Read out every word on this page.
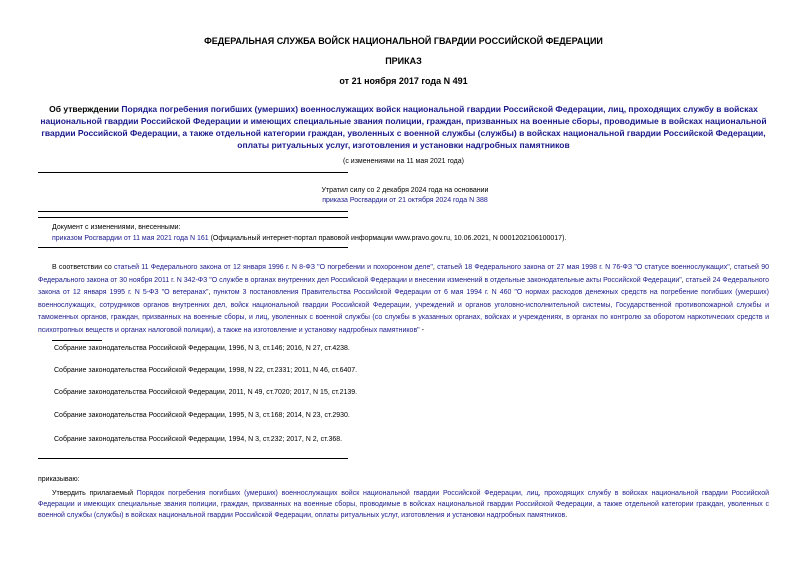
ФЕДЕРАЛЬНАЯ СЛУЖБА ВОЙСК НАЦИОНАЛЬНОЙ ГВАРДИИ РОССИЙСКОЙ ФЕДЕРАЦИИ
ПРИКАЗ
от 21 ноября 2017 года N 491
Об утверждении Порядка погребения погибших (умерших) военнослужащих войск национальной гвардии Российской Федерации, лиц, проходящих службу в войсках национальной гвардии Российской Федерации и имеющих специальные звания полиции, граждан, призванных на военные сборы, проводимые в войсках национальной гвардии Российской Федерации, а также отдельной категории граждан, уволенных с военной службы (службы) в войсках национальной гвардии Российской Федерации, оплаты ритуальных услуг, изготовления и установки надгробных памятников
(с изменениями на 11 мая 2021 года)
Утратил силу со 2 декабря 2024 года на основании
приказа Росгвардии от 21 октября 2024 года N 388
Документ с изменениями, внесенными:
приказом Росгвардии от 11 мая 2021 года N 161 (Официальный интернет-портал правовой информации www.pravo.gov.ru, 10.06.2021, N 0001202106100017).
В соответствии со статьей 11 Федерального закона от 12 января 1996 г. N 8-ФЗ "О погребении и похоронном деле", статьей 18 Федерального закона от 27 мая 1998 г. N 76-ФЗ "О статусе военнослужащих", статьей 90 Федерального закона от 30 ноября 2011 г. N 342-ФЗ "О службе в органах внутренних дел Российской Федерации и внесении изменений в отдельные законодательные акты Российской Федерации", статьей 24 Федерального закона от 12 января 1995 г. N 5-ФЗ "О ветеранах", пунктом 3 постановления Правительства Российской Федерации от 6 мая 1994 г. N 460 "О нормах расходов денежных средств на погребение погибших (умерших) военнослужащих, сотрудников органов внутренних дел, войск национальной гвардии Российской Федерации, учреждений и органов уголовно-исполнительной системы, Государственной противопожарной службы и таможенных органов, граждан, призванных на военные сборы, и лиц, уволенных с военной службы (со службы в указанных органах, войсках и учреждениях, в органах по контролю за оборотом наркотических средств и психотропных веществ и органах налоговой полиции), а также на изготовление и установку надгробных памятников" -
Собрание законодательства Российской Федерации, 1996, N 3, ст.146; 2016, N 27, ст.4238.
Собрание законодательства Российской Федерации, 1998, N 22, ст.2331; 2011, N 46, ст.6407.
Собрание законодательства Российской Федерации, 2011, N 49, ст.7020; 2017, N 15, ст.2139.
Собрание законодательства Российской Федерации, 1995, N 3, ст.168; 2014, N 23, ст.2930.
Собрание законодательства Российской Федерации, 1994, N 3, ст.232; 2017, N 2, ст.368.
приказываю:
Утвердить прилагаемый Порядок погребения погибших (умерших) военнослужащих войск национальной гвардии Российской Федерации, лиц, проходящих службу в войсках национальной гвардии Российской Федерации и имеющих специальные звания полиции, граждан, призванных на военные сборы, проводимые в войсках национальной гвардии Российской Федерации, а также отдельной категории граждан, уволенных с военной службы (службы) в войсках национальной гвардии Российской Федерации, оплаты ритуальных услуг, изготовления и установки надгробных памятников.
